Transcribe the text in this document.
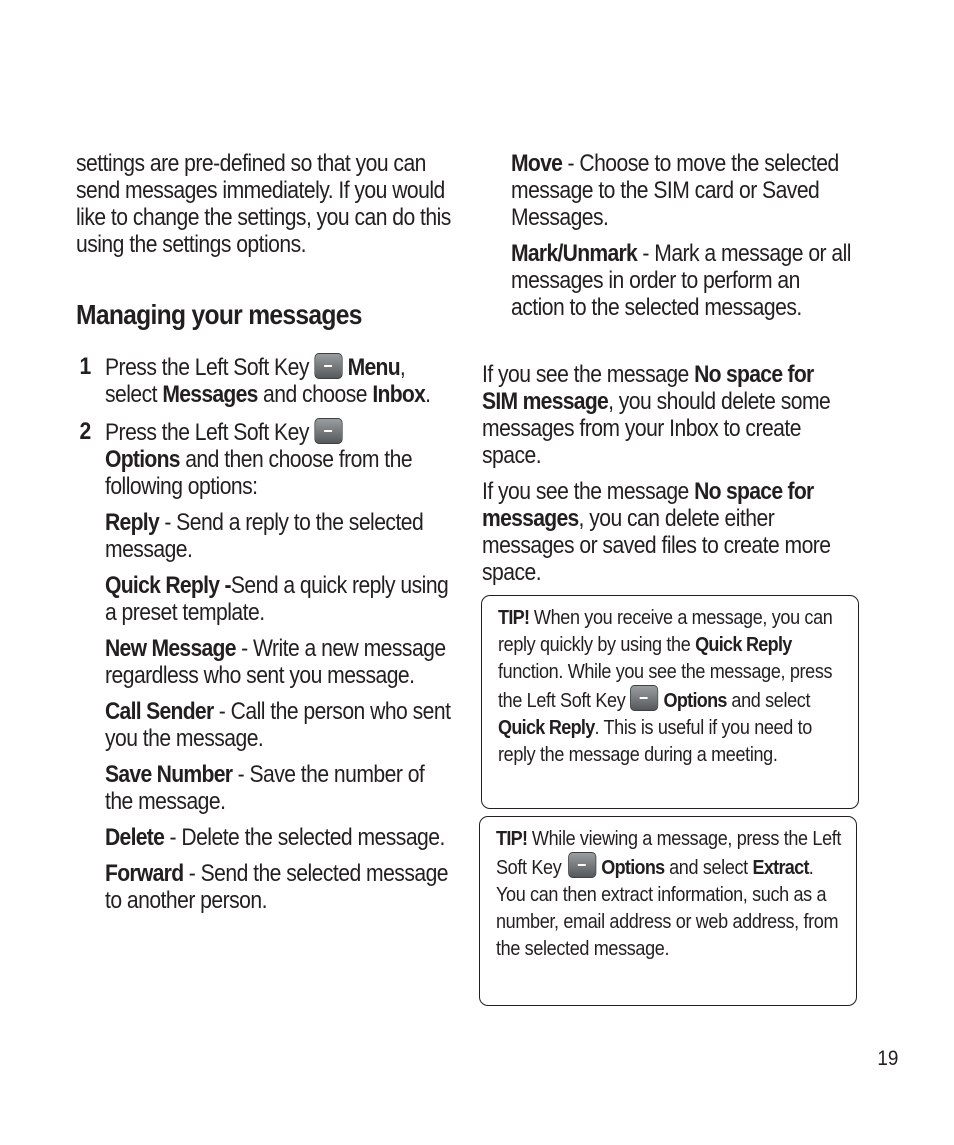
settings are pre-defined so that you can send messages immediately. If you would like to change the settings, you can do this using the settings options.

Managing your messages

1 Press the Left Soft Key Menu, select Messages and choose Inbox.

2 Press the Left Soft Key
Options and then choose from the following options:

Reply - Send a reply to the selected message.

Quick Reply -Send a quick reply using a preset template.

New Message - Write a new message regardless who sent you message.

Call Sender - Call the person who sent you the message.

Save Number - Save the number of the message.

Delete - Delete the selected message.

Forward - Send the selected message to another person.

Move - Choose to move the selected message to the SIM card or Saved Messages.

Mark/Unmark - Mark a message or all messages in order to perform an action to the selected messages.

If you see the message No space for SIM message, you should delete some messages from your Inbox to create space.

If you see the message No space for messages, you can delete either messages or saved files to create more space.

TIP! When you receive a message, you can reply quickly by using the Quick Reply function. While you see the message, press the Left Soft Key Options and select Quick Reply. This is useful if you need to reply the message during a meeting.

TIP! While viewing a message, press the Left Soft Key Options and select Extract. You can then extract information, such as a number, email address or web address, from the selected message.

19
